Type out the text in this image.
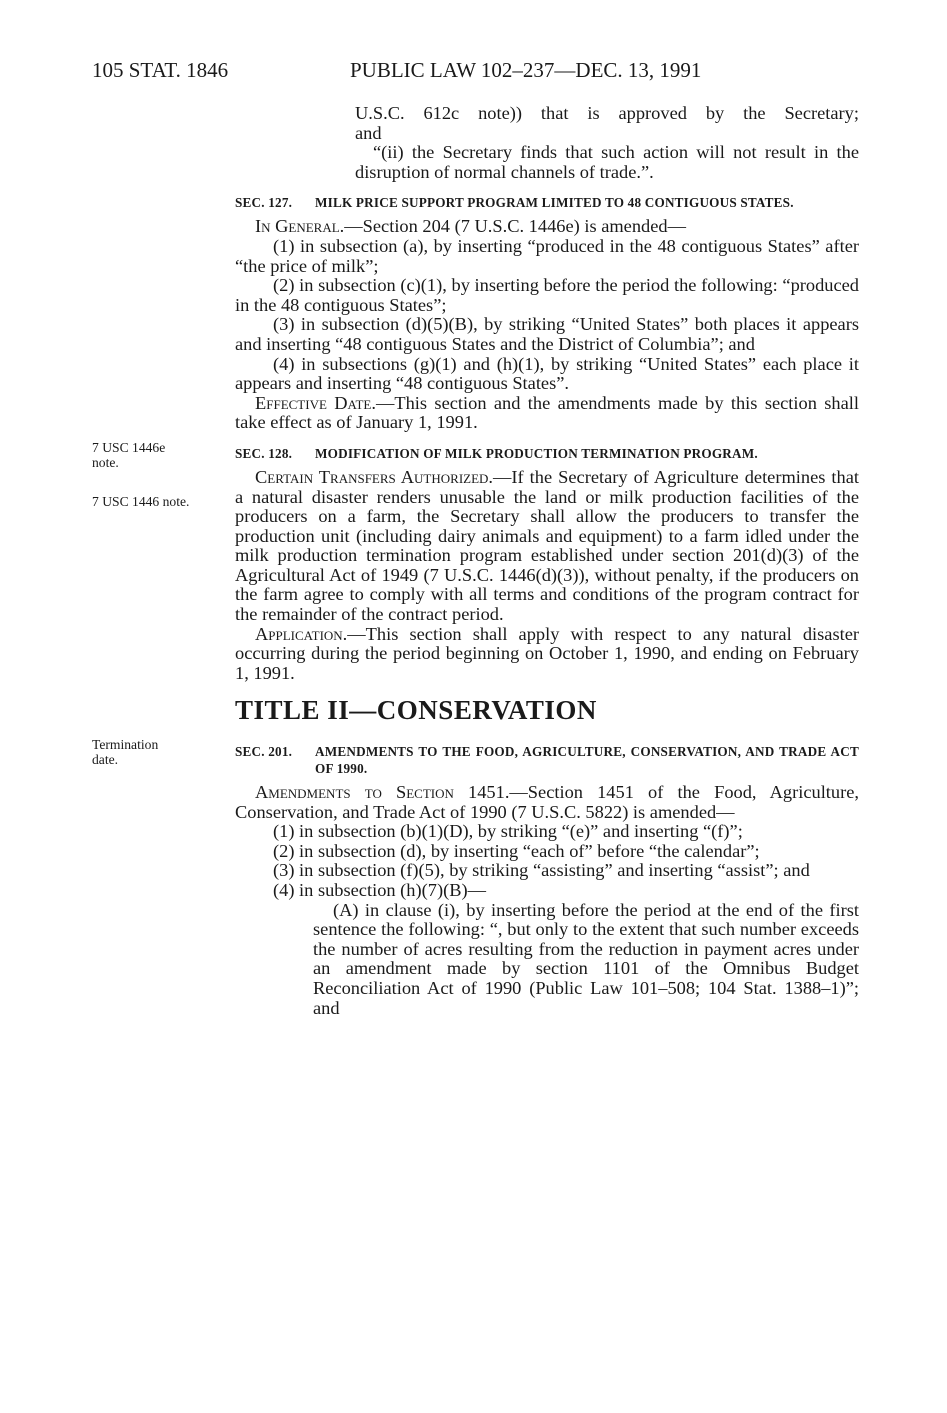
105 STAT. 1846	PUBLIC LAW 102–237—DEC. 13, 1991
7 USC 1446e
note.
7 USC 1446 note.
Termination
date.

U.S.C. 612c note)) that is approved by the Secretary;

and

“(ii) the Secretary finds that such action will not result in the disruption of normal channels of trade.”.

SEC. 127. MILK PRICE SUPPORT PROGRAM LIMITED TO 48 CONTIGUOUS STATES.

In General.—Section 204 (7 U.S.C. 1446e) is amended—

(1) in subsection (a), by inserting “produced in the 48 contiguous States” after “the price of milk”;

(2) in subsection (c)(1), by inserting before the period the following: “produced in the 48 contiguous States”;

(3) in subsection (d)(5)(B), by striking “United States” both places it appears and inserting “48 contiguous States and the District of Columbia”; and

(4) in subsections (g)(1) and (h)(1), by striking “United States” each place it appears and inserting “48 contiguous States”.

Effective Date.—This section and the amendments made by this section shall take effect as of January 1, 1991.

SEC. 128. MODIFICATION OF MILK PRODUCTION TERMINATION PROGRAM.

Certain Transfers Authorized.—If the Secretary of Agriculture determines that a natural disaster renders unusable the land or milk production facilities of the producers on a farm, the Secretary shall allow the producers to transfer the production unit (including dairy animals and equipment) to a farm idled under the milk production termination program established under section 201(d)(3) of the Agricultural Act of 1949 (7 U.S.C. 1446(d)(3)), without penalty, if the producers on the farm agree to comply with all terms and conditions of the program contract for the remainder of the contract period.

Application.—This section shall apply with respect to any natural disaster occurring during the period beginning on October 1, 1990, and ending on February 1, 1991.

TITLE II—CONSERVATION

SEC. 201. AMENDMENTS TO THE FOOD, AGRICULTURE, CONSERVATION, AND TRADE ACT OF 1990.

Amendments to Section 1451.—Section 1451 of the Food, Agriculture, Conservation, and Trade Act of 1990 (7 U.S.C. 5822) is amended—

(1) in subsection (b)(1)(D), by striking “(e)” and inserting “(f)”;

(2) in subsection (d), by inserting “each of” before “the calendar”;

(3) in subsection (f)(5), by striking “assisting” and inserting “assist”; and

(4) in subsection (h)(7)(B)—

(A) in clause (i), by inserting before the period at the end of the first sentence the following: “, but only to the extent that such number exceeds the number of acres resulting from the reduction in payment acres under an amendment made by section 1101 of the Omnibus Budget Reconciliation Act of 1990 (Public Law 101–508; 104 Stat. 1388–1)”; and
